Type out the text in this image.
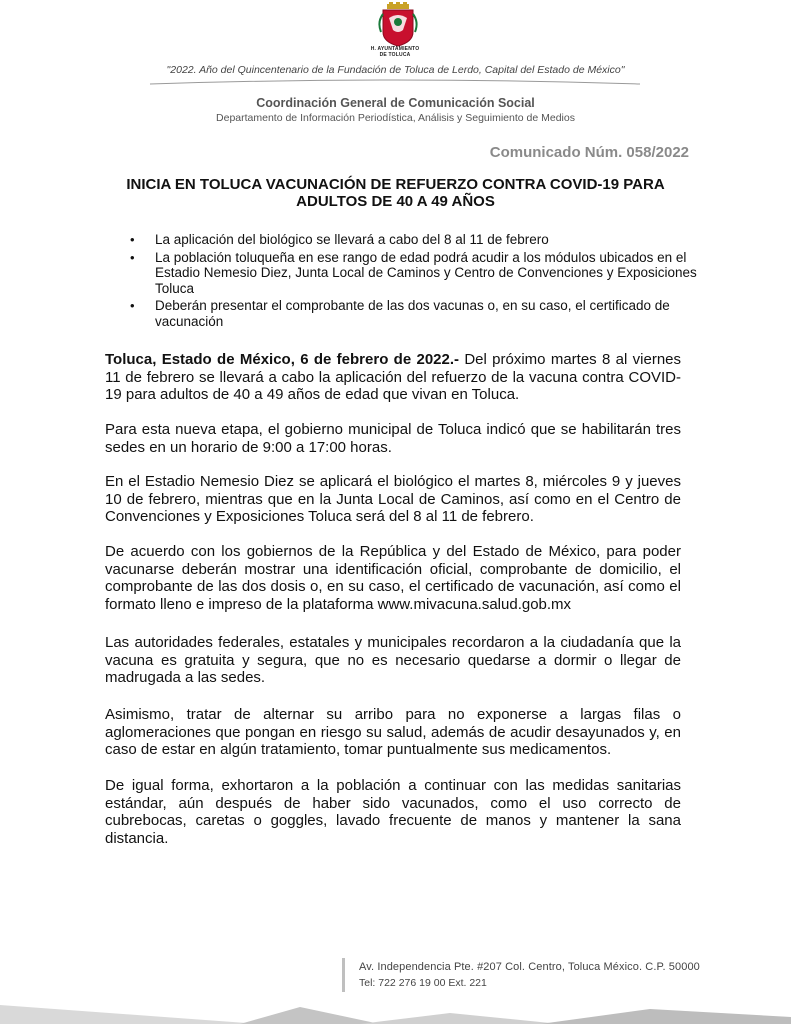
H. AYUNTAMIENTO
DE TOLUCA
"2022. Año del Quincentenario de la Fundación de Toluca de Lerdo, Capital del Estado de México"
Coordinación General de Comunicación Social
Departamento de Información Periodística, Análisis y Seguimiento de Medios
Comunicado Núm. 058/2022
INICIA EN TOLUCA VACUNACIÓN DE REFUERZO CONTRA COVID-19 PARA ADULTOS DE 40 A 49 AÑOS
• La aplicación del biológico se llevará a cabo del 8 al 11 de febrero
• La población toluqueña en ese rango de edad podrá acudir a los módulos ubicados en el Estadio Nemesio Diez, Junta Local de Caminos y Centro de Convenciones y Exposiciones Toluca
• Deberán presentar el comprobante de las dos vacunas o, en su caso, el certificado de vacunación

Toluca, Estado de México, 6 de febrero de 2022.- Del próximo martes 8 al viernes 11 de febrero se llevará a cabo la aplicación del refuerzo de la vacuna contra COVID-19 para adultos de 40 a 49 años de edad que vivan en Toluca.

Para esta nueva etapa, el gobierno municipal de Toluca indicó que se habilitarán tres sedes en un horario de 9:00 a 17:00 horas.

En el Estadio Nemesio Diez se aplicará el biológico el martes 8, miércoles 9 y jueves 10 de febrero, mientras que en la Junta Local de Caminos, así como en el Centro de Convenciones y Exposiciones Toluca será del 8 al 11 de febrero.

De acuerdo con los gobiernos de la República y del Estado de México, para poder vacunarse deberán mostrar una identificación oficial, comprobante de domicilio, el comprobante de las dos dosis o, en su caso, el certificado de vacunación, así como el formato lleno e impreso de la plataforma www.mivacuna.salud.gob.mx

Las autoridades federales, estatales y municipales recordaron a la ciudadanía que la vacuna es gratuita y segura, que no es necesario quedarse a dormir o llegar de madrugada a las sedes.

Asimismo, tratar de alternar su arribo para no exponerse a largas filas o aglomeraciones que pongan en riesgo su salud, además de acudir desayunados y, en caso de estar en algún tratamiento, tomar puntualmente sus medicamentos.

De igual forma, exhortaron a la población a continuar con las medidas sanitarias estándar, aún después de haber sido vacunados, como el uso correcto de cubrebocas, caretas o goggles, lavado frecuente de manos y mantener la sana distancia.

Av. Independencia Pte. #207 Col. Centro, Toluca México. C.P. 50000
Tel: 722 276 19 00 Ext. 221
